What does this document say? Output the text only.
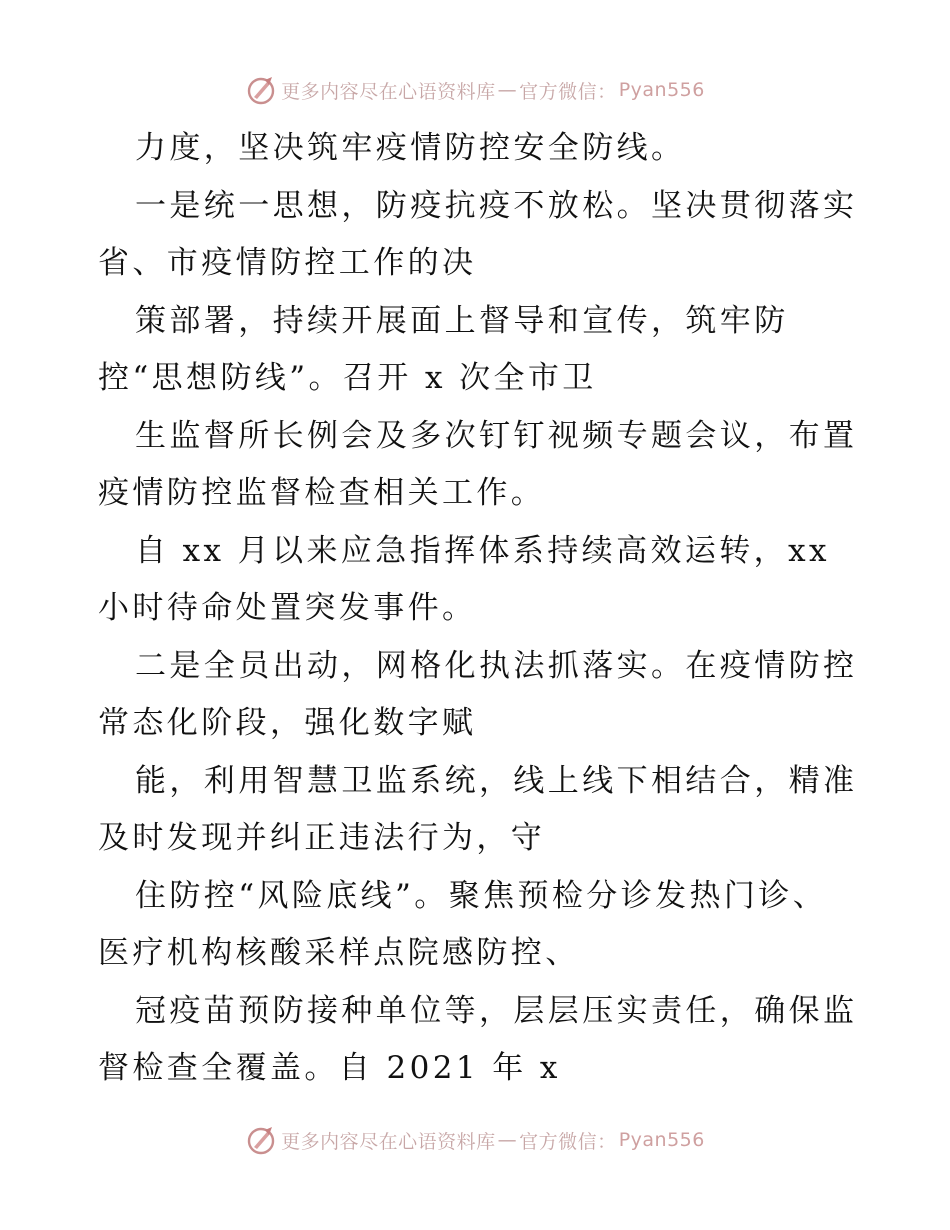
更多内容尽在心语资料库 — 官方微信： Pyan556
力度，坚决筑牢疫情防控安全防线。
一是统一思想，防疫抗疫不放松。坚决贯彻落实
省、市疫情防控工作的决
策部署，持续开展面上督导和宣传，筑牢防
控“思想防线”。召开 x 次全市卫
生监督所长例会及多次钉钉视频专题会议，布置
疫情防控监督检查相关工作。
自 xx 月以来应急指挥体系持续高效运转，xx
小时待命处置突发事件。
二是全员出动，网格化执法抓落实。在疫情防控
常态化阶段，强化数字赋
能，利用智慧卫监系统，线上线下相结合，精准
及时发现并纠正违法行为，守
住防控“风险底线”。聚焦预检分诊发热门诊、
医疗机构核酸采样点院感防控、
冠疫苗预防接种单位等，层层压实责任，确保监
督检查全覆盖。自 2021 年 x
更多内容尽在心语资料库 — 官方微信： Pyan556
